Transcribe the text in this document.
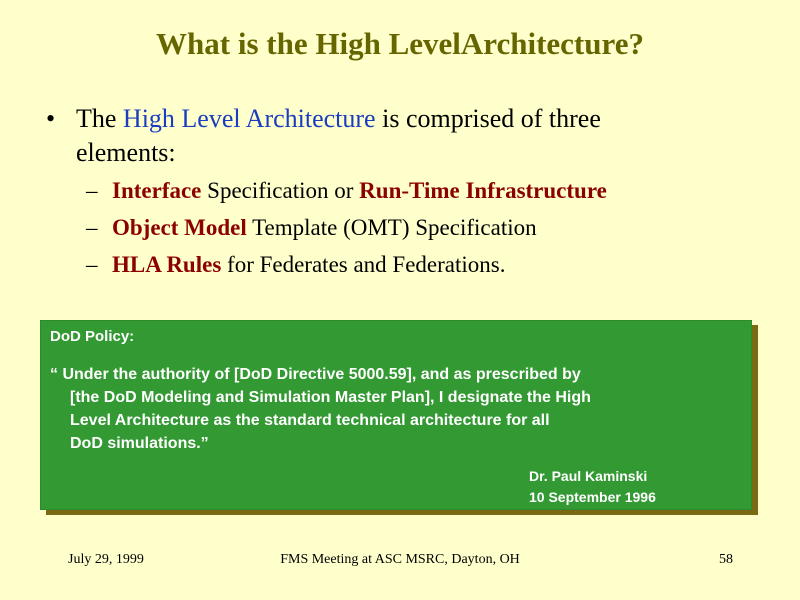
What is the High LevelArchitecture?
• The High Level Architecture is comprised of three
elements:
– Interface Specification or Run-Time Infrastructure
– Object Model Template (OMT) Specification
– HLA Rules for Federates and Federations.
DoD Policy:
“ Under the authority of [DoD Directive 5000.59], and as prescribed by
[the DoD Modeling and Simulation Master Plan], I designate the High
Level Architecture as the standard technical architecture for all
DoD simulations.”
Dr. Paul Kaminski
10 September 1996
July 29, 1999	FMS Meeting at ASC MSRC, Dayton, OH	58
